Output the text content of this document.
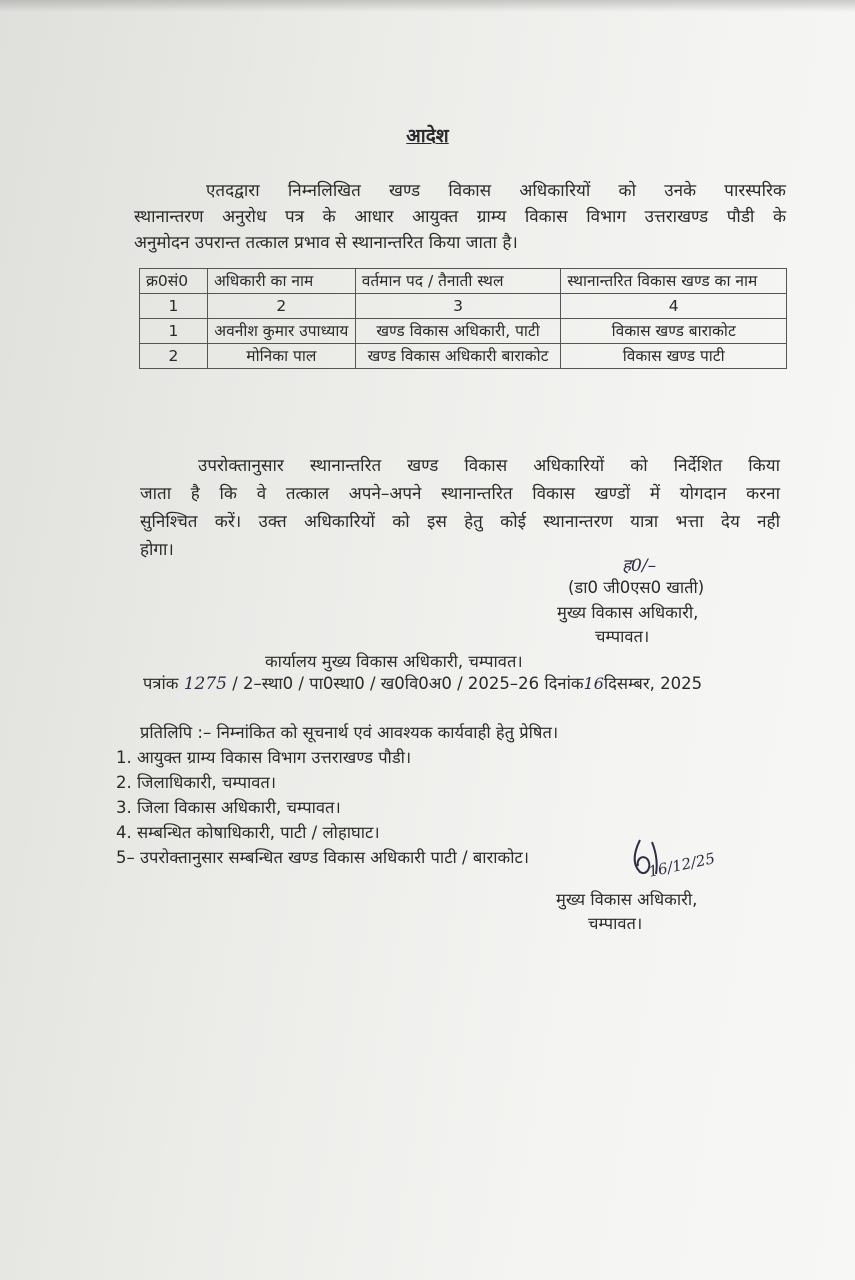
आदेश
एतदद्वारा निम्नलिखित खण्ड विकास अधिकारियों को उनके पारस्परिक
स्थानान्तरण अनुरोध पत्र के आधार आयुक्त ग्राम्य विकास विभाग उत्तराखण्ड पौडी के
अनुमोदन उपरान्त तत्काल प्रभाव से स्थानान्तरित किया जाता है।
क्र0सं0	अधिकारी का नाम	वर्तमान पद / तैनाती स्थल	स्थानान्तरित विकास खण्ड का नाम
1	2	3	4
1	अवनीश कुमार उपाध्याय	खण्ड विकास अधिकारी, पाटी	विकास खण्ड बाराकोट
2	मोनिका पाल	खण्ड विकास अधिकारी बाराकोट	विकास खण्ड पाटी
उपरोक्तानुसार स्थानान्तरित खण्ड विकास अधिकारियों को निर्देशित किया
जाता है कि वे तत्काल अपने–अपने स्थानान्तरित विकास खण्डों में योगदान करना
सुनिश्चित करें। उक्त अधिकारियों को इस हेतु कोई स्थानान्तरण यात्रा भत्ता देय नही
होगा।
ह0/–
(डा0 जी0एस0 खाती)
मुख्य विकास अधिकारी,
चम्पावत।
कार्यालय मुख्य विकास अधिकारी, चम्पावत।
पत्रांक 1275 / 2–स्था0 / पा0स्था0 / ख0वि0अ0 / 2025–26 दिनांक16दिसम्बर, 2025
प्रतिलिपि :– निम्नांकित को सूचनार्थ एवं आवश्यक कार्यवाही हेतु प्रेषित।
1. आयुक्त ग्राम्य विकास विभाग उत्तराखण्ड पौडी।
2. जिलाधिकारी, चम्पावत।
3. जिला विकास अधिकारी, चम्पावत।
4. सम्बन्धित कोषाधिकारी, पाटी / लोहाघाट।
5– उपरोक्तानुसार सम्बन्धित खण्ड विकास अधिकारी पाटी / बाराकोट।	16/12/25
मुख्य विकास अधिकारी,
चम्पावत।
